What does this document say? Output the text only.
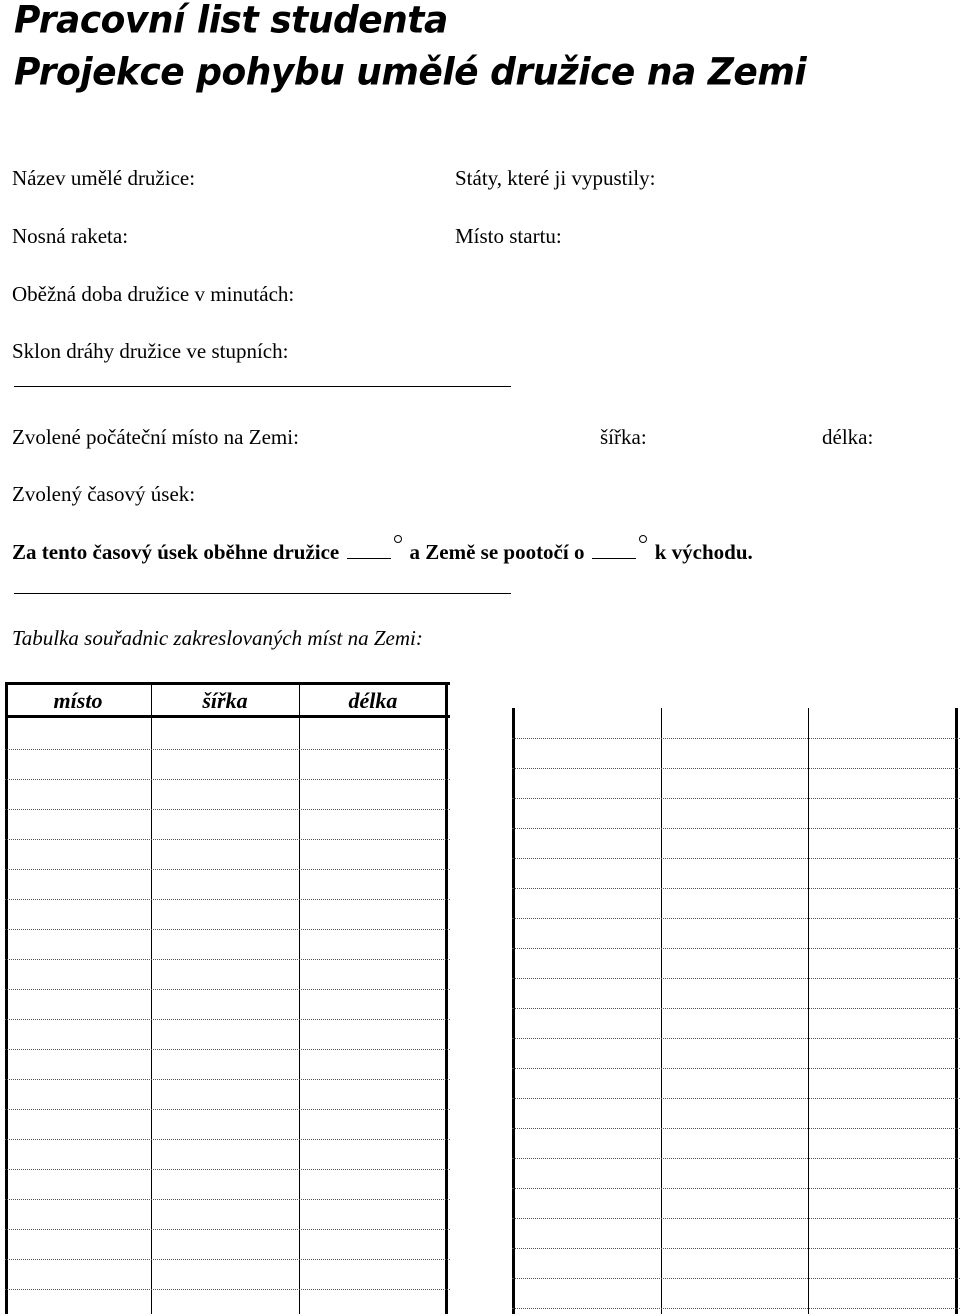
Pracovní list studenta
Projekce pohybu umělé družice na Zemi
Název umělé družice:	Státy, které ji vypustily:
Nosná raketa:	Místo startu:
Oběžná doba družice v minutách:
Sklon dráhy družice ve stupních:
Zvolené počáteční místo na Zemi:	šířka:	délka:
Zvolený časový úsek:
Za tento časový úsek oběhne družice	a Země se pootočí o	k východu.
Tabulka souřadnic zakreslovaných míst na Zemi:
místo	šířka	délka
